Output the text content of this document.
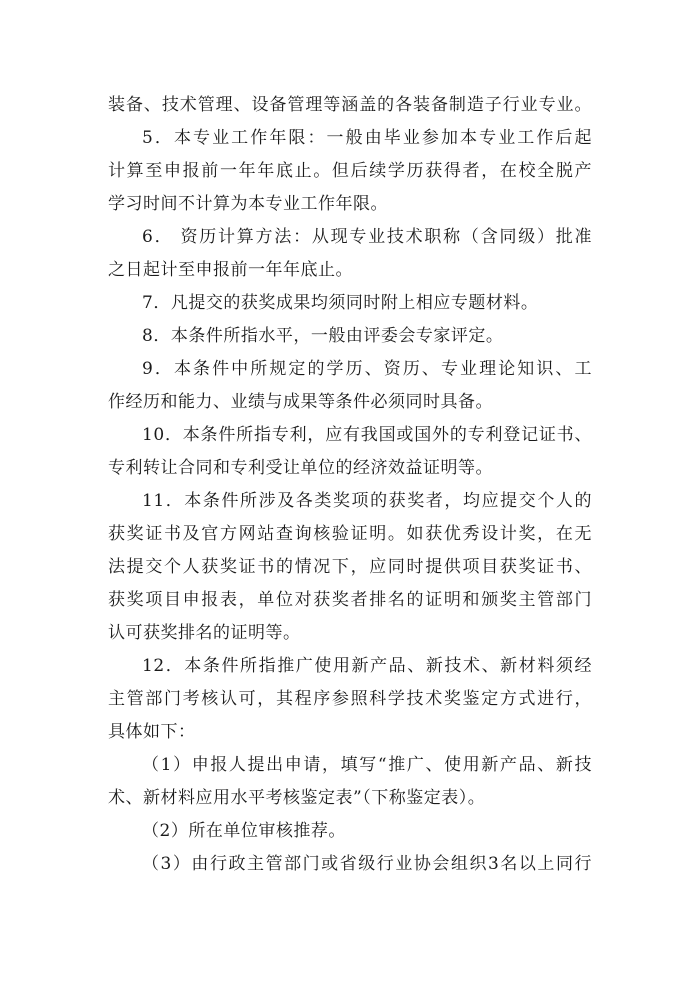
装备、技术管理、设备管理等涵盖的各装备制造子行业专业。
5．本专业工作年限：一般由毕业参加本专业工作后起
计算至申报前一年年底止。但后续学历获得者，在校全脱产
学习时间不计算为本专业工作年限。
6． 资历计算方法：从现专业技术职称（含同级）批准
之日起计至申报前一年年底止。
7．凡提交的获奖成果均须同时附上相应专题材料。
8．本条件所指水平，一般由评委会专家评定。
9．本条件中所规定的学历、资历、专业理论知识、工
作经历和能力、业绩与成果等条件必须同时具备。
10．本条件所指专利，应有我国或国外的专利登记证书、
专利转让合同和专利受让单位的经济效益证明等。
11．本条件所涉及各类奖项的获奖者，均应提交个人的
获奖证书及官方网站查询核验证明。如获优秀设计奖，在无
法提交个人获奖证书的情况下，应同时提供项目获奖证书、
获奖项目申报表，单位对获奖者排名的证明和颁奖主管部门
认可获奖排名的证明等。
12．本条件所指推广使用新产品、新技术、新材料须经
主管部门考核认可，其程序参照科学技术奖鉴定方式进行，
具体如下：
（1）申报人提出申请，填写“推广、使用新产品、新技
术、新材料应用水平考核鉴定表”（下称鉴定表）。
（2）所在单位审核推荐。
（3）由行政主管部门或省级行业协会组织3名以上同行
